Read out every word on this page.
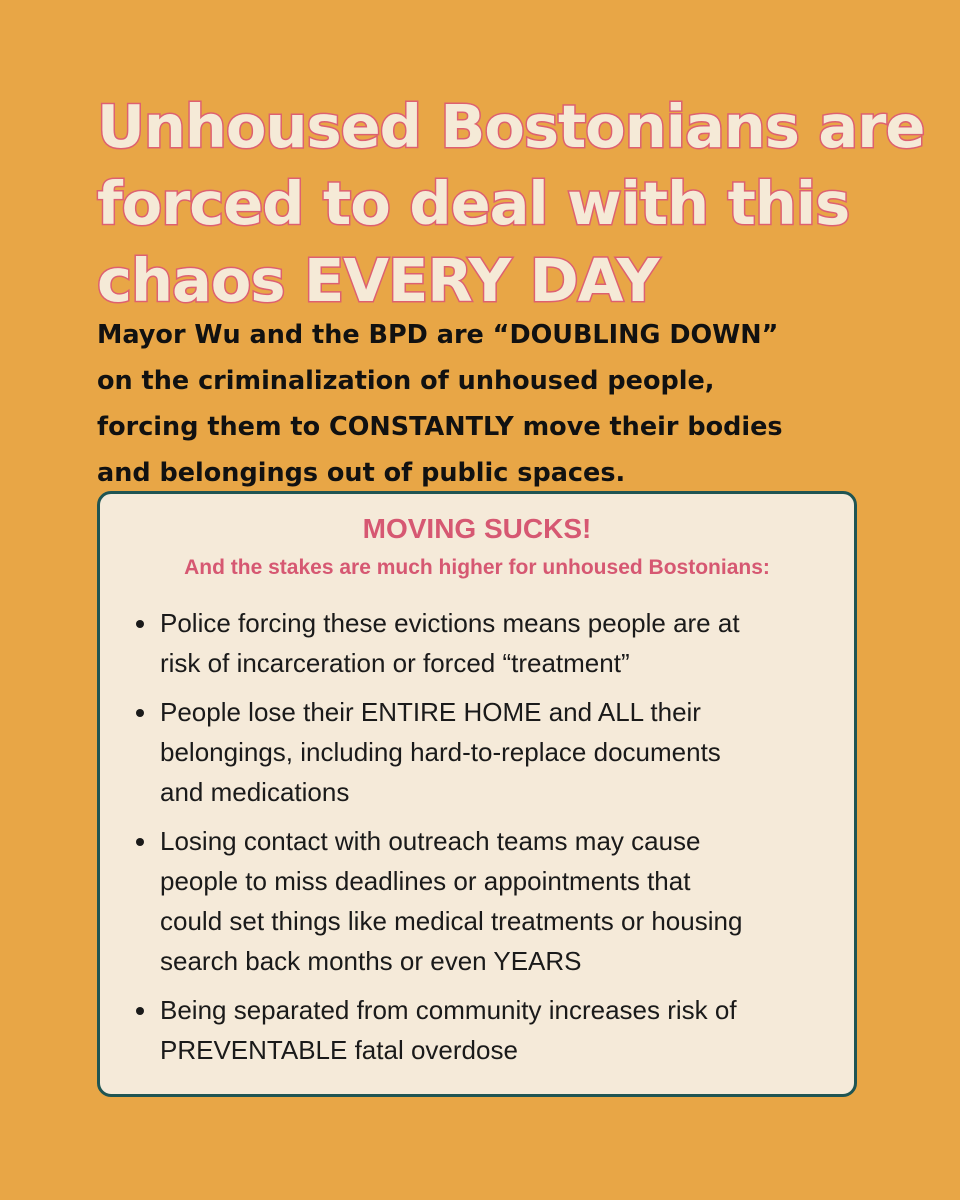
Unhoused Bostonians are
forced to deal with this
chaos EVERY DAY

Mayor Wu and the BPD are “DOUBLING DOWN”
on the criminalization of unhoused people,
forcing them to CONSTANTLY move their bodies
and belongings out of public spaces.

MOVING SUCKS!

And the stakes are much higher for unhoused Bostonians:

Police forcing these evictions means people are at
risk of incarceration or forced “treatment”
People lose their ENTIRE HOME and ALL their
belongings, including hard-to-replace documents
and medications
Losing contact with outreach teams may cause
people to miss deadlines or appointments that
could set things like medical treatments or housing
search back months or even YEARS
Being separated from community increases risk of
PREVENTABLE fatal overdose
